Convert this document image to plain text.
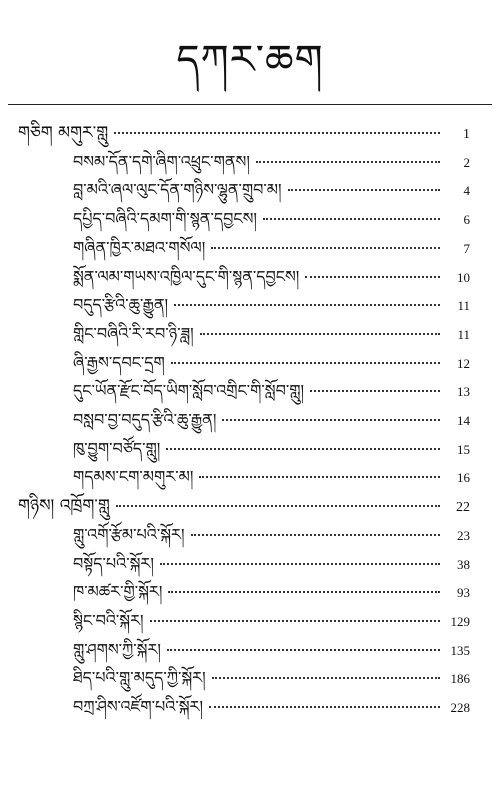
དཀར་ཆག
གཅིག མགུར་གླུ	1
བསམ་དོན་དགེ་ཞིག་འཕྲུང་གནས།	2
བླ་མའི་ཞལ་ལུང་དོན་གཉིས་ལྷུན་གྲུབ་མ།	4
དཔྱིད་བཞིའི་དམག་གི་སྙན་དབྱངས།	6
གཞིན་ཁྱིར་མཐའ་གསོལ།	7
སྨོན་ལམ་གཡས་འཁྱིལ་དུང་གི་སྙན་དབྱངས།	10
བདུད་རྩིའི་ཆུ་རྒྱུན།	11
གླིང་བཞིའི་རི་རབ་ཉི་ཟླ།	11
ཞི་རྒྱས་དབང་དྲག	12
དུང་ཡོན་རྫོང་བོད་ཡིག་སློབ་འགྲིང་གི་སློབ་གླུ།	13
བསླབ་བྱ་བདུད་རྩིའི་ཆུ་རྒྱུན།	14
ཁུ་བྱུག་བཙོད་གླུ།	15
གདམས་ངག་མགུར་མ།	16
གཉིས། འཁྲོག་གླུ	22
གླུ་འགོ་རྩོམ་པའི་སྐོར།	23
བསྟོད་པའི་སྐོར།	38
ཁ་མཚར་གྱི་སྐོར།	93
སྙིང་བའི་སྐོར།	129
གླུ་ཤགས་ཀྱི་སྐོར།	135
ཐིད་པའི་གླུ་མདུད་ཀྱི་སྐོར།	186
བཀྲ་ཤིས་འཛོག་པའི་སྐོར།	228
